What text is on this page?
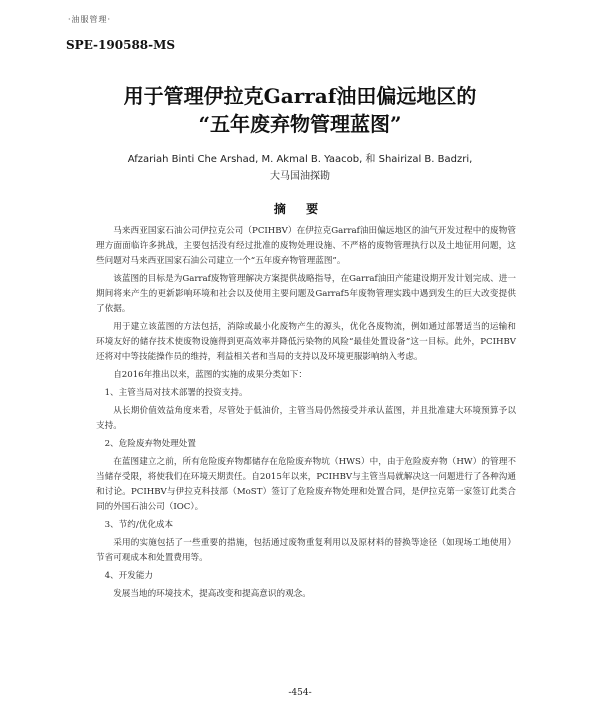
·油服管理·
SPE-190588-MS
用于管理伊拉克Garraf油田偏远地区的
“五年废弃物管理蓝图”
Afzariah Binti Che Arshad, M. Akmal B. Yaacob, 和 Shairizal B. Badzri,
大马国油探勘
摘 要

马来西亚国家石油公司伊拉克公司（PCIHBV）在伊拉克Garraf油田偏远地区的油气开发过程中的废物管理方面面临许多挑战，主要包括没有经过批准的废物处理设施、不严格的废物管理执行以及土地征用问题，这些问题对马来西亚国家石油公司建立一个“五年废弃物管理蓝图”。

该蓝图的目标是为Garraf废物管理解决方案提供战略指导，在Garraf油田产能建设期开发计划完成、进一期间将来产生的更新影响环境和社会以及使用主要问题及Garraf5年废物管理实践中遇到发生的巨大改变提供了依据。

用于建立该蓝图的方法包括，消除或最小化废物产生的源头，优化各废物流，例如通过部署适当的运输和环境友好的储存技术使废物设施得到更高效率并降低污染物的风险“最佳处置设备”这一目标。此外，PCIHBV还将对中等技能操作员的维持，利益相关者和当局的支持以及环境更服影响纳入考虑。

自2016年推出以来，蓝图的实施的成果分类如下：

1、主管当局对技术部署的投资支持。

从长期价值效益角度来看，尽管处于低油价，主管当局仍然接受并承认蓝图，并且批准建大环境预算予以支持。

2、危险废弃物处理处置

在蓝图建立之前，所有危险废弃物都储存在危险废弃物坑（HWS）中，由于危险废弃物（HW）的管理不当储存受限，将使我们在环境天期责任。自2015年以来，PCIHBV与主管当局就解决这一问题进行了各种沟通和讨论。PCIHBV与伊拉克科技部（MoST）签订了危险废弃物处理和处置合同，是伊拉克第一家签订此类合同的外国石油公司（IOC）。

3、节约/优化成本

采用的实施包括了一些重要的措施，包括通过废物重复利用以及原材料的替换等途径（如现场工地使用）节省可观成本和处置费用等。

4、开发能力

发展当地的环境技术，提高改变和提高意识的观念。

-454-
